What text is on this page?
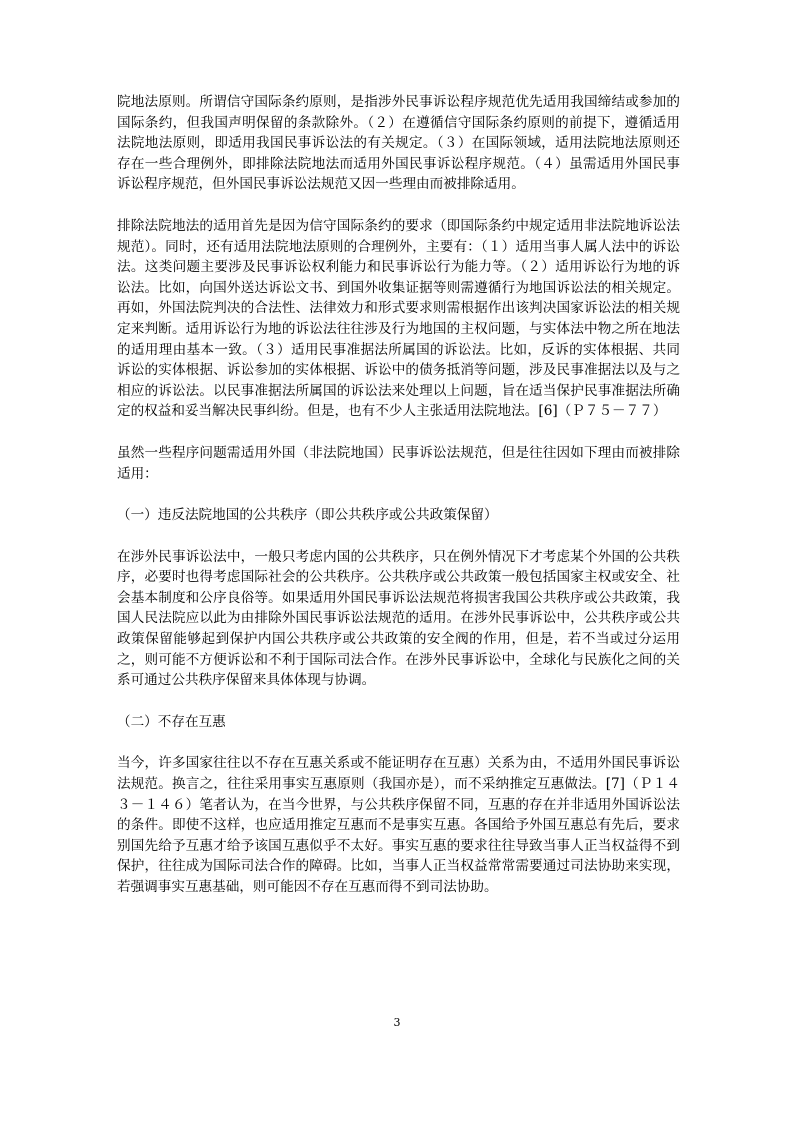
院地法原则。所谓信守国际条约原则，是指涉外民事诉讼程序规范优先适用我国缔结或参加的国际条约，但我国声明保留的条款除外。（２）在遵循信守国际条约原则的前提下，遵循适用法院地法原则，即适用我国民事诉讼法的有关规定。（３）在国际领域，适用法院地法原则还存在一些合理例外，即排除法院地法而适用外国民事诉讼程序规范。（４）虽需适用外国民事诉讼程序规范，但外国民事诉讼法规范又因一些理由而被排除适用。

排除法院地法的适用首先是因为信守国际条约的要求（即国际条约中规定适用非法院地诉讼法规范）。同时，还有适用法院地法原则的合理例外，主要有：（１）适用当事人属人法中的诉讼法。这类问题主要涉及民事诉讼权利能力和民事诉讼行为能力等。（２）适用诉讼行为地的诉讼法。比如，向国外送达诉讼文书、到国外收集证据等则需遵循行为地国诉讼法的相关规定。再如，外国法院判决的合法性、法律效力和形式要求则需根据作出该判决国家诉讼法的相关规定来判断。适用诉讼行为地的诉讼法往往涉及行为地国的主权问题，与实体法中物之所在地法的适用理由基本一致。（３）适用民事准据法所属国的诉讼法。比如，反诉的实体根据、共同诉讼的实体根据、诉讼参加的实体根据、诉讼中的债务抵消等问题，涉及民事准据法以及与之相应的诉讼法。以民事准据法所属国的诉讼法来处理以上问题，旨在适当保护民事准据法所确定的权益和妥当解决民事纠纷。但是，也有不少人主张适用法院地法。[6]（Ｐ７５－７７）

虽然一些程序问题需适用外国（非法院地国）民事诉讼法规范，但是往往因如下理由而被排除适用：

（一）违反法院地国的公共秩序（即公共秩序或公共政策保留）

在涉外民事诉讼法中，一般只考虑内国的公共秩序，只在例外情况下才考虑某个外国的公共秩序，必要时也得考虑国际社会的公共秩序。公共秩序或公共政策一般包括国家主权或安全、社会基本制度和公序良俗等。如果适用外国民事诉讼法规范将损害我国公共秩序或公共政策，我国人民法院应以此为由排除外国民事诉讼法规范的适用。在涉外民事诉讼中，公共秩序或公共政策保留能够起到保护内国公共秩序或公共政策的安全阀的作用，但是，若不当或过分运用之，则可能不方便诉讼和不利于国际司法合作。在涉外民事诉讼中，全球化与民族化之间的关系可通过公共秩序保留来具体体现与协调。

（二）不存在互惠

当今，许多国家往往以不存在互惠关系或不能证明存在互惠）关系为由，不适用外国民事诉讼法规范。换言之，往往采用事实互惠原则（我国亦是），而不采纳推定互惠做法。[7]（Ｐ１４３－１４６）笔者认为，在当今世界，与公共秩序保留不同，互惠的存在并非适用外国诉讼法的条件。即使不这样，也应适用推定互惠而不是事实互惠。各国给予外国互惠总有先后，要求别国先给予互惠才给予该国互惠似乎不太好。事实互惠的要求往往导致当事人正当权益得不到保护，往往成为国际司法合作的障碍。比如，当事人正当权益常常需要通过司法协助来实现，若强调事实互惠基础，则可能因不存在互惠而得不到司法协助。

3
